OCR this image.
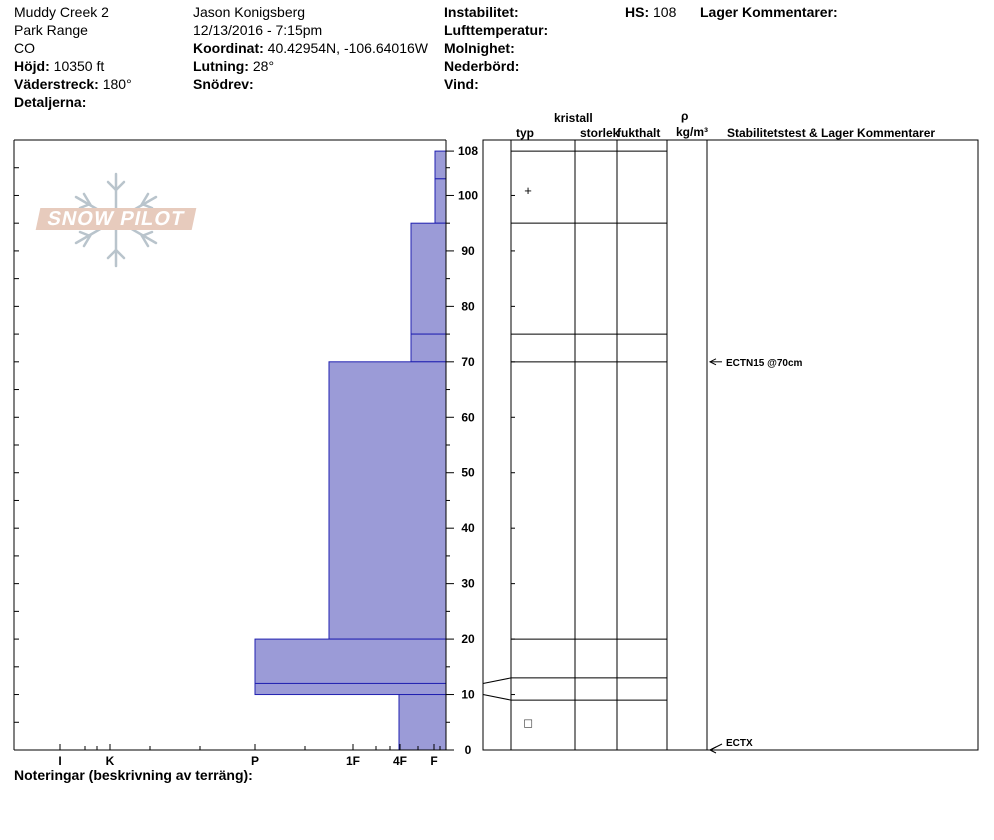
Muddy Creek 2
Park Range
CO
Höjd: 10350 ft
Väderstreck: 180°
Detaljerna:
Jason Konigsberg
12/13/2016 - 7:15pm
Koordinat: 40.42954N, -106.64016W
Lutning: 28°
Snödrev:
Instabilitet:
Lufttemperatur:
Molnighet:
Nederbörd:
Vind:
HS: 108 Lager Kommentarer:
kristall
typ	storlek
fukthalt
ρ
kg/m³ Stabilitetstest & Lager Kommentarer
SNOW PILOT
0
10
20
30
40
50
60
70
80
90
100
108
I	K	P	1F	4F F
+
□
ECTN15 @70cm
ECTX
Noteringar (beskrivning av terräng):
